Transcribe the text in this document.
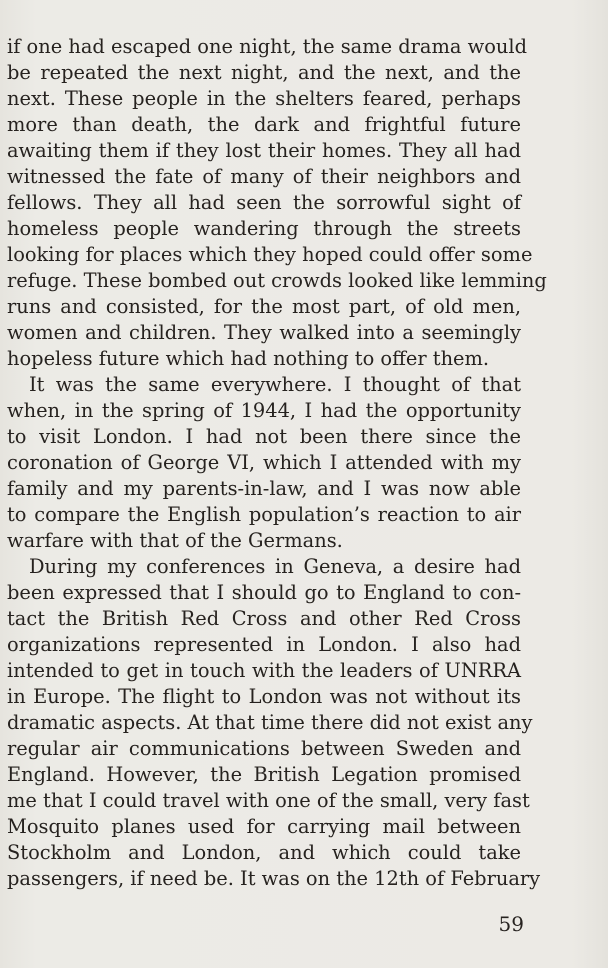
if one had escaped one night, the same drama would
be repeated the next night, and the next, and the
next. These people in the shelters feared, perhaps
more than death, the dark and frightful future
awaiting them if they lost their homes. They all had
witnessed the fate of many of their neighbors and
fellows. They all had seen the sorrowful sight of
homeless people wandering through the streets
looking for places which they hoped could offer some
refuge. These bombed out crowds looked like lemming
runs and consisted, for the most part, of old men,
women and children. They walked into a seemingly
hopeless future which had nothing to offer them.
It was the same everywhere. I thought of that
when, in the spring of 1944, I had the opportunity
to visit London. I had not been there since the
coronation of George VI, which I attended with my
family and my parents-in-law, and I was now able
to compare the English population’s reaction to air
warfare with that of the Germans.
During my conferences in Geneva, a desire had
been expressed that I should go to England to con-
tact the British Red Cross and other Red Cross
organizations represented in London. I also had
intended to get in touch with the leaders of UNRRA
in Europe. The flight to London was not without its
dramatic aspects. At that time there did not exist any
regular air communications between Sweden and
England. However, the British Legation promised
me that I could travel with one of the small, very fast
Mosquito planes used for carrying mail between
Stockholm and London, and which could take
passengers, if need be. It was on the 12th of February
59
